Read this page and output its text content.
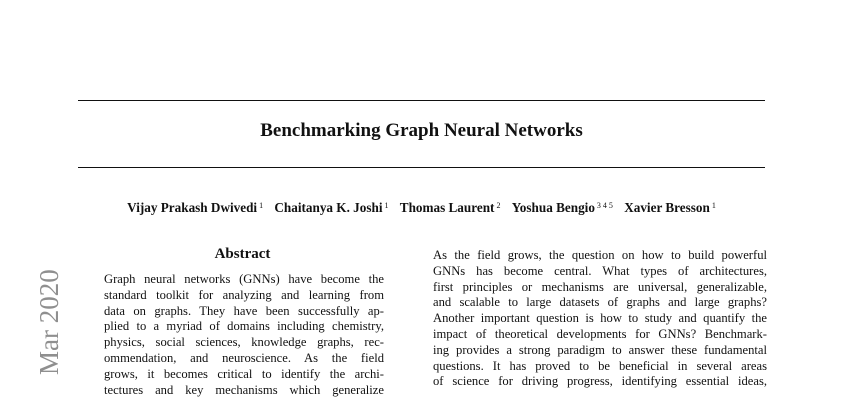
Mar 2020
Benchmarking Graph Neural Networks
Vijay Prakash Dwivedi $^1$ Chaitanya K. Joshi $^1$ Thomas Laurent $^2$ Yoshua Bengio $^{3 4 5}$ Xavier Bresson $^1$
Abstract
Graph neural networks (GNNs) have become the
standard toolkit for analyzing and learning from
data on graphs. They have been successfully ap-
plied to a myriad of domains including chemistry,
physics, social sciences, knowledge graphs, rec-
ommendation, and neuroscience. As the field
grows, it becomes critical to identify the archi-
tectures and key mechanisms which generalize
As the field grows, the question on how to build powerful
GNNs has become central. What types of architectures,
first principles or mechanisms are universal, generalizable,
and scalable to large datasets of graphs and large graphs?
Another important question is how to study and quantify the
impact of theoretical developments for GNNs? Benchmark-
ing provides a strong paradigm to answer these fundamental
questions. It has proved to be beneficial in several areas
of science for driving progress, identifying essential ideas,
